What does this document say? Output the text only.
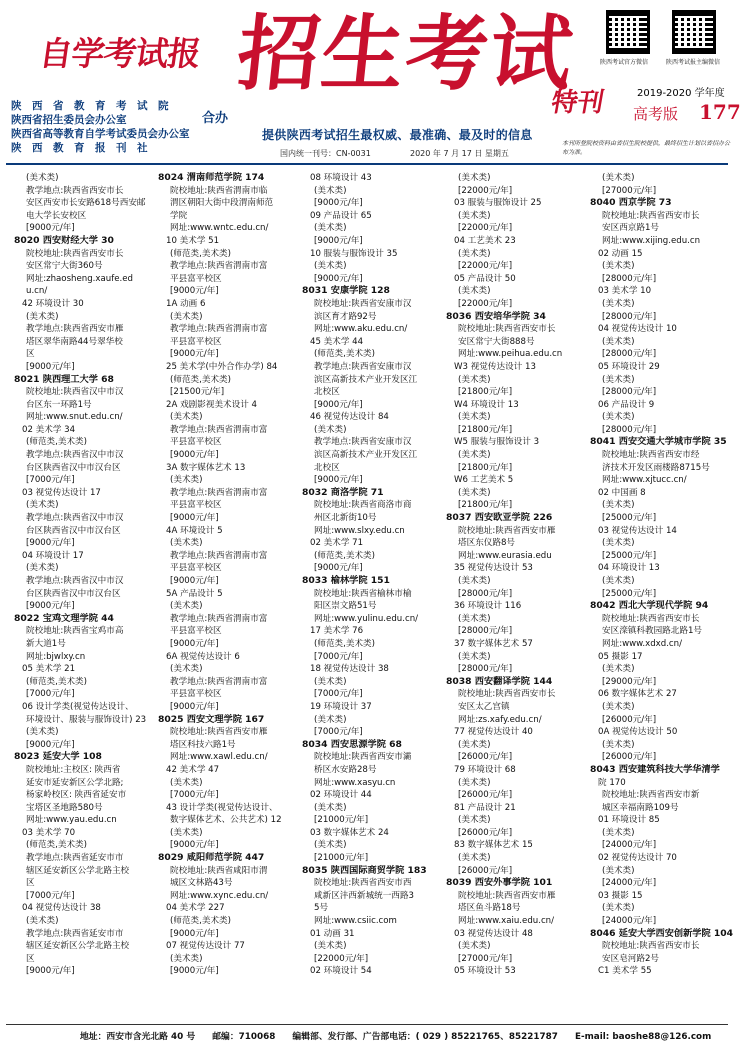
自学考试报 招生考试	陕西考试官方微信	陕西考试报主编微信
特刊	2019-2020 学年度
高考版 177
陕　西　省　教　育　考　试　院
陕西省招生委员会办公室
陕西省高等教育自学考试委员会办公室
陕　西　教　育　报　刊　社
合办
提供陕西考试招生最权威、最准确、最及时的信息
本刊所登院校资料由省招生院校提供，最终招生计划以省招办公布为准。
国内统一刊号：CN-0031	2020 年 7 月 17 日 星期五
(美术类)
教学地点:陕西省西安市长
安区西安市长安路618号西安邮
电大学长安校区
[9000元/年]
8020 西安财经大学 30
院校地址:陕西省西安市长
安区常宁大街360号
网址:zhaosheng.xaufe.ed
u.cn/
42 环境设计 30
(美术类)
教学地点:陕西省西安市雁
塔区翠华南路44号翠华校
区
[9000元/年]
8021 陕西理工大学 68
院校地址:陕西省汉中市汉
台区东一环路1号
网址:www.snut.edu.cn/
02 美术学 34
(师范类,美术类)
教学地点:陕西省汉中市汉
台区陕西省汉中市汉台区
[7000元/年]
03 视觉传达设计 17
(美术类)
教学地点:陕西省汉中市汉
台区陕西省汉中市汉台区
[9000元/年]
04 环境设计 17
(美术类)
教学地点:陕西省汉中市汉
台区陕西省汉中市汉台区
[9000元/年]
8022 宝鸡文理学院 44
院校地址:陕西省宝鸡市高
新大道1号
网址:bjwlxy.cn
05 美术学 21
(师范类,美术类)
[7000元/年]
06 设计学类(视觉传达设计、
环境设计、服装与服饰设计) 23
(美术类)
[9000元/年]
8023 延安大学 108
院校地址:主校区: 陕西省
延安市延安新区公学北路;
杨家岭校区: 陕西省延安市
宝塔区圣地路580号
网址:www.yau.edu.cn
03 美术学 70
(师范类,美术类)
教学地点:陕西省延安市市
辖区延安新区公学北路主校
区
[7000元/年]
04 视觉传达设计 38
(美术类)
教学地点:陕西省延安市市
辖区延安新区公学北路主校
区
[9000元/年]
8024 渭南师范学院 174
院校地址:陕西省渭南市临
渭区朝阳大街中段渭南师范
学院
网址:www.wntc.edu.cn/
10 美术学 51
(师范类,美术类)
教学地点:陕西省渭南市富
平县富平校区
[9000元/年]
1A 动画 6
(美术类)
教学地点:陕西省渭南市富
平县富平校区
[9000元/年]
25 美术学(中外合作办学) 84
(师范类,美术类)
[21500元/年]
2A 戏剧影视美术设计 4
(美术类)
教学地点:陕西省渭南市富
平县富平校区
[9000元/年]
3A 数字媒体艺术 13
(美术类)
教学地点:陕西省渭南市富
平县富平校区
[9000元/年]
4A 环境设计 5
(美术类)
教学地点:陕西省渭南市富
平县富平校区
[9000元/年]
5A 产品设计 5
(美术类)
教学地点:陕西省渭南市富
平县富平校区
[9000元/年]
6A 视觉传达设计 6
(美术类)
教学地点:陕西省渭南市富
平县富平校区
[9000元/年]
8025 西安文理学院 167
院校地址:陕西省西安市雁
塔区科技六路1号
网址:www.xawl.edu.cn/
42 美术学 47
(美术类)
[7000元/年]
43 设计学类(视觉传达设计、
数字媒体艺术、公共艺术) 12
(美术类)
[9000元/年]
8029 咸阳师范学院 447
院校地址:陕西省咸阳市渭
城区文林路43号
网址:www.xync.edu.cn/
04 美术学 227
(师范类,美术类)
[9000元/年]
07 视觉传达设计 77
(美术类)
[9000元/年]
08 环境设计 43
(美术类)
[9000元/年]
09 产品设计 65
(美术类)
[9000元/年]
10 服装与服饰设计 35
(美术类)
[9000元/年]
8031 安康学院 128
院校地址:陕西省安康市汉
滨区育才路92号
网址:www.aku.edu.cn/
45 美术学 44
(师范类,美术类)
教学地点:陕西省安康市汉
滨区高新技术产业开发区江
北校区
[9000元/年]
46 视觉传达设计 84
(美术类)
教学地点:陕西省安康市汉
滨区高新技术产业开发区江
北校区
[9000元/年]
8032 商洛学院 71
院校地址:陕西省商洛市商
州区北新街10号
网址:www.slxy.edu.cn
02 美术学 71
(师范类,美术类)
[9000元/年]
8033 榆林学院 151
院校地址:陕西省榆林市榆
阳区崇文路51号
网址:www.yulinu.edu.cn/
17 美术学 76
(师范类,美术类)
[7000元/年]
18 视觉传达设计 38
(美术类)
[7000元/年]
19 环境设计 37
(美术类)
[7000元/年]
8034 西安思源学院 68
院校地址:陕西省西安市灞
桥区水安路28号
网址:www.xasyu.cn
02 环境设计 44
(美术类)
[21000元/年]
03 数字媒体艺术 24
(美术类)
[21000元/年]
8035 陕西国际商贸学院 183
院校地址:陕西省西安市西
咸新区沣西新城统一西路3
5号
网址:www.csiic.com
01 动画 31
(美术类)
[22000元/年]
02 环境设计 54
(美术类)
[22000元/年]
03 服装与服饰设计 25
(美术类)
[22000元/年]
04 工艺美术 23
(美术类)
[22000元/年]
05 产品设计 50
(美术类)
[22000元/年]
8036 西安培华学院 34
院校地址:陕西省西安市长
安区常宁大街888号
网址:www.peihua.edu.cn
W3 视觉传达设计 13
(美术类)
[21800元/年]
W4 环境设计 13
(美术类)
[21800元/年]
W5 服装与服饰设计 3
(美术类)
[21800元/年]
W6 工艺美术 5
(美术类)
[21800元/年]
8037 西安欧亚学院 226
院校地址:陕西省西安市雁
塔区东仪路8号
网址:www.eurasia.edu
35 视觉传达设计 53
(美术类)
[28000元/年]
36 环境设计 116
(美术类)
[28000元/年]
37 数字媒体艺术 57
(美术类)
[28000元/年]
8038 西安翻译学院 144
院校地址:陕西省西安市长
安区太乙宫镇
网址:zs.xafy.edu.cn/
77 视觉传达设计 40
(美术类)
[26000元/年]
79 环境设计 68
(美术类)
[26000元/年]
81 产品设计 21
(美术类)
[26000元/年]
83 数字媒体艺术 15
(美术类)
[26000元/年]
8039 西安外事学院 101
院校地址:陕西省西安市雁
塔区鱼斗路18号
网址:www.xaiu.edu.cn/
03 视觉传达设计 48
(美术类)
[27000元/年]
05 环境设计 53
(美术类)
[27000元/年]
8040 西京学院 73
院校地址:陕西省西安市长
安区西京路1号
网址:www.xijing.edu.cn
02 动画 15
(美术类)
[28000元/年]
03 美术学 10
(美术类)
[28000元/年]
04 视觉传达设计 10
(美术类)
[28000元/年]
05 环境设计 29
(美术类)
[28000元/年]
06 产品设计 9
(美术类)
[28000元/年]
8041 西安交通大学城市学院 35
院校地址:陕西省西安市经
济技术开发区雨楼路8715号
网址:www.xjtucc.cn/
02 中国画 8
(美术类)
[25000元/年]
03 视觉传达设计 14
(美术类)
[25000元/年]
04 环境设计 13
(美术类)
[25000元/年]
8042 西北大学现代学院 94
院校地址:陕西省西安市长
安区滦镇科教园路北路1号
网址:www.xdxd.cn/
05 摄影 17
(美术类)
[29000元/年]
06 数字媒体艺术 27
(美术类)
[26000元/年]
0A 视觉传达设计 50
(美术类)
[26000元/年]
8043 西安建筑科技大学华清学
院 170
院校地址:陕西省西安市新
城区幸福南路109号
01 环境设计 85
(美术类)
[24000元/年]
02 视觉传达设计 70
(美术类)
[24000元/年]
03 摄影 15
(美术类)
[24000元/年]
8046 延安大学西安创新学院 104
院校地址:陕西省西安市长
安区皂河路2号
C1 美术学 55
地址：西安市含光北路 40 号 邮编：710068 编辑部、发行部、广告部电话：( 029 ) 85221765、85221787 E-mail: baoshe88@126.com
